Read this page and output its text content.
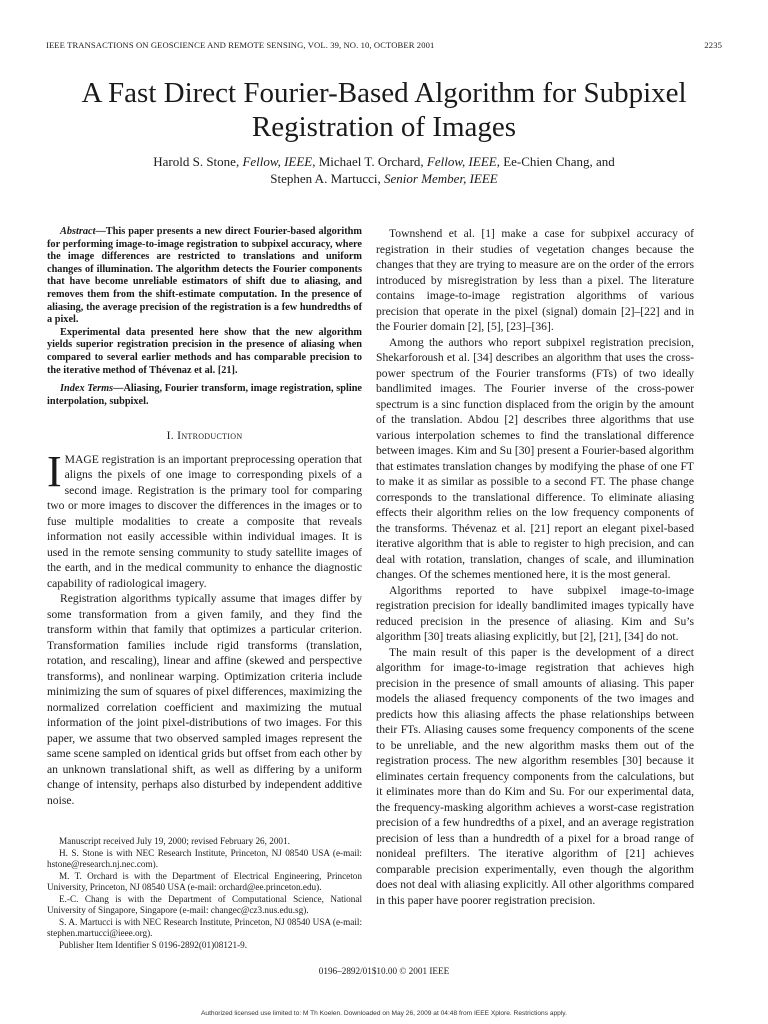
IEEE TRANSACTIONS ON GEOSCIENCE AND REMOTE SENSING, VOL. 39, NO. 10, OCTOBER 2001	2235
A Fast Direct Fourier-Based Algorithm for Subpixel
Registration of Images
Harold S. Stone, Fellow, IEEE, Michael T. Orchard, Fellow, IEEE, Ee-Chien Chang, and
Stephen A. Martucci, Senior Member, IEEE

Abstract—This paper presents a new direct Fourier-based algorithm for performing image-to-image registration to subpixel accuracy, where the image differences are restricted to translations and uniform changes of illumination. The algorithm detects the Fourier components that have become unreliable estimators of shift due to aliasing, and removes them from the shift-estimate computation. In the presence of aliasing, the average precision of the registration is a few hundredths of a pixel.

Experimental data presented here show that the new algorithm yields superior registration precision in the presence of aliasing when compared to several earlier methods and has comparable precision to the iterative method of Thévenaz et al. [21].

Index Terms—Aliasing, Fourier transform, image registration, spline interpolation, subpixel.

I. Introduction

IMAGE registration is an important preprocessing operation that aligns the pixels of one image to corresponding pixels of a second image. Registration is the primary tool for comparing two or more images to discover the differences in the images or to fuse multiple modalities to create a composite that reveals information not easily accessible within individual images. It is used in the remote sensing community to study satellite images of the earth, and in the medical community to enhance the diagnostic capability of radiological imagery.

Registration algorithms typically assume that images differ by some transformation from a given family, and they find the transform within that family that optimizes a particular criterion. Transformation families include rigid transforms (translation, rotation, and rescaling), linear and affine (skewed and perspective transforms), and nonlinear warping. Optimization criteria include minimizing the sum of squares of pixel differences, maximizing the normalized correlation coefficient and maximizing the mutual information of the joint pixel-distributions of two images. For this paper, we assume that two observed sampled images represent the same scene sampled on identical grids but offset from each other by an unknown translational shift, as well as differing by a uniform change of intensity, perhaps also disturbed by independent additive noise.

Manuscript received July 19, 2000; revised February 26, 2001.

H. S. Stone is with NEC Research Institute, Princeton, NJ 08540 USA (e-mail: hstone@research.nj.nec.com).

M. T. Orchard is with the Department of Electrical Engineering, Princeton University, Princeton, NJ 08540 USA (e-mail: orchard@ee.princeton.edu).

E.-C. Chang is with the Department of Computational Science, National University of Singapore, Singapore (e-mail: changec@cz3.nus.edu.sg).

S. A. Martucci is with NEC Research Institute, Princeton, NJ 08540 USA (e-mail: stephen.martucci@ieee.org).

Publisher Item Identifier S 0196-2892(01)08121-9.

Townshend et al. [1] make a case for subpixel accuracy of registration in their studies of vegetation changes because the changes that they are trying to measure are on the order of the errors introduced by misregistration by less than a pixel. The literature contains image-to-image registration algorithms of various precision that operate in the pixel (signal) domain [2]–[22] and in the Fourier domain [2], [5], [23]–[36].

Among the authors who report subpixel registration precision, Shekarforoush et al. [34] describes an algorithm that uses the cross-power spectrum of the Fourier transforms (FTs) of two ideally bandlimited images. The Fourier inverse of the cross-power spectrum is a sinc function displaced from the origin by the amount of the translation. Abdou [2] describes three algorithms that use various interpolation schemes to find the translational difference between images. Kim and Su [30] present a Fourier-based algorithm that estimates translation changes by modifying the phase of one FT to make it as similar as possible to a second FT. The phase change corresponds to the translational difference. To eliminate aliasing effects their algorithm relies on the low frequency components of the transforms. Thévenaz et al. [21] report an elegant pixel-based iterative algorithm that is able to register to high precision, and can deal with rotation, translation, changes of scale, and illumination changes. Of the schemes mentioned here, it is the most general.

Algorithms reported to have subpixel image-to-image registration precision for ideally bandlimited images typically have reduced precision in the presence of aliasing. Kim and Su’s algorithm [30] treats aliasing explicitly, but [2], [21], [34] do not.

The main result of this paper is the development of a direct algorithm for image-to-image registration that achieves high precision in the presence of small amounts of aliasing. This paper models the aliased frequency components of the two images and predicts how this aliasing affects the phase relationships between their FTs. Aliasing causes some frequency components of the scene to be unreliable, and the new algorithm masks them out of the registration process. The new algorithm resembles [30] because it eliminates certain frequency components from the calculations, but it eliminates more than do Kim and Su. For our experimental data, the frequency-masking algorithm achieves a worst-case registration precision of a few hundredths of a pixel, and an average registration precision of less than a hundredth of a pixel for a broad range of nonideal prefilters. The iterative algorithm of [21] achieves comparable precision experimentally, even though the algorithm does not deal with aliasing explicitly. All other algorithms compared in this paper have poorer registration precision.

0196–2892/01$10.00 © 2001 IEEE
Authorized licensed use limited to: M Th Koelen. Downloaded on May 26, 2009 at 04:48 from IEEE Xplore. Restrictions apply.
